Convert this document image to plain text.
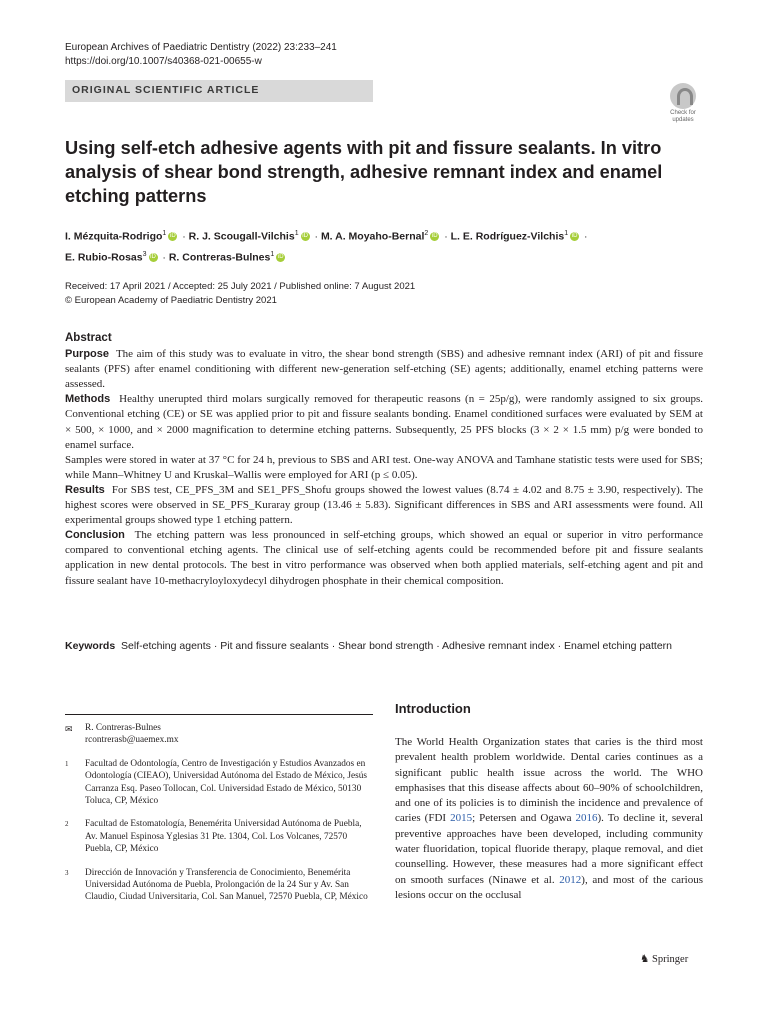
European Archives of Paediatric Dentistry (2022) 23:233–241
https://doi.org/10.1007/s40368-021-00655-w
ORIGINAL SCIENTIFIC ARTICLE
Check for
updates
Using self-etch adhesive agents with pit and fissure sealants. In vitro analysis of shear bond strength, adhesive remnant index and enamel etching patterns
I. Mézquita-Rodrigo$^1$ iD · R. J. Scougall-Vilchis$^1$ iD · M. A. Moyaho-Bernal$^2$ iD · L. E. Rodríguez-Vilchis$^1$ iD ·
E. Rubio-Rosas$^3$ iD · R. Contreras-Bulnes$^1$ iD
Received: 17 April 2021 / Accepted: 25 July 2021 / Published online: 7 August 2021
© European Academy of Paediatric Dentistry 2021
Abstract

Purpose The aim of this study was to evaluate in vitro, the shear bond strength (SBS) and adhesive remnant index (ARI) of pit and fissure sealants (PFS) after enamel conditioning with different new-generation self-etching (SE) agents; additionally, enamel etching patterns were assessed.

Methods Healthy unerupted third molars surgically removed for therapeutic reasons (n = 25p/g), were randomly assigned to six groups. Conventional etching (CE) or SE was applied prior to pit and fissure sealants bonding. Enamel conditioned surfaces were evaluated by SEM at × 500, × 1000, and × 2000 magnification to determine etching patterns. Subsequently, 25 PFS blocks (3 × 2 × 1.5 mm) p/g were bonded to enamel surface.

Samples were stored in water at 37 °C for 24 h, previous to SBS and ARI test. One-way ANOVA and Tamhane statistic tests were used for SBS; while Mann–Whitney U and Kruskal–Wallis were employed for ARI (p ≤ 0.05).

Results For SBS test, CE_PFS_3M and SE1_PFS_Shofu groups showed the lowest values (8.74 ± 4.02 and 8.75 ± 3.90, respectively). The highest scores were observed in SE_PFS_Kuraray group (13.46 ± 5.83). Significant differences in SBS and ARI assessments were found. All experimental groups showed type 1 etching pattern.

Conclusion The etching pattern was less pronounced in self-etching groups, which showed an equal or superior in vitro performance compared to conventional etching agents. The clinical use of self-etching agents could be recommended before pit and fissure sealants application in new dental protocols. The best in vitro performance was observed when both applied materials, self-etching agent and pit and fissure sealant have 10-methacryloyloxydecyl dihydrogen phosphate in their chemical composition.

Keywords Self-etching agents · Pit and fissure sealants · Shear bond strength · Adhesive remnant index · Enamel etching pattern
✉ R. Contreras-Bulnes
rcontrerasb@uaemex.mx
1 Facultad de Odontología, Centro de Investigación y Estudios Avanzados en Odontología (CIEAO), Universidad Autónoma del Estado de México, Jesús Carranza Esq. Paseo Tollocan, Col. Universidad Estado de México, 50130 Toluca, CP, México
2 Facultad de Estomatología, Benemérita Universidad Autónoma de Puebla, Av. Manuel Espinosa Yglesias 31 Pte. 1304, Col. Los Volcanes, 72570 Puebla, CP, México
3 Dirección de Innovación y Transferencia de Conocimiento, Benemérita Universidad Autónoma de Puebla, Prolongación de la 24 Sur y Av. San Claudio, Ciudad Universitaria, Col. San Manuel, 72570 Puebla, CP, México
Introduction
The World Health Organization states that caries is the third most prevalent health problem worldwide. Dental caries continues as a significant public health issue across the world. The WHO emphasises that this disease affects about 60–90% of schoolchildren, and one of its policies is to diminish the incidence and prevalence of caries (FDI 2015; Petersen and Ogawa 2016). To decline it, several preventive approaches have been developed, including community water fluoridation, topical fluoride therapy, plaque removal, and diet counselling. However, these measures had a more significant effect on smooth surfaces (Ninawe et al. 2012), and most of the carious lesions occur on the occlusal
♞ Springer
